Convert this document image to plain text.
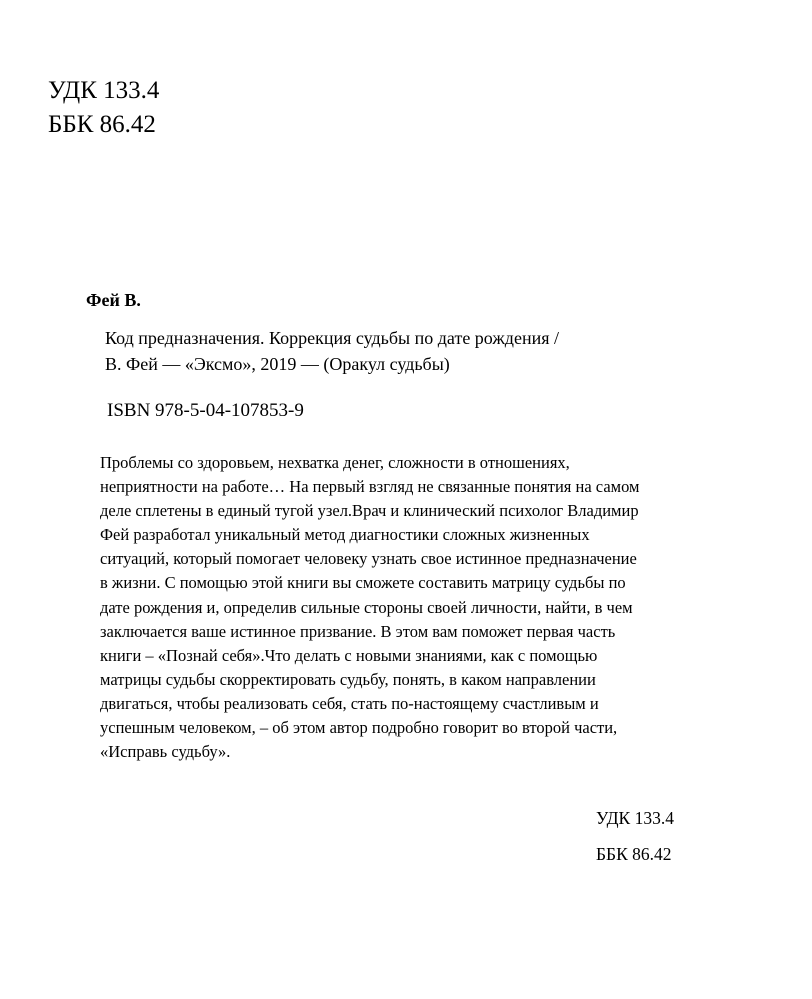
УДК 133.4
ББК 86.42
Фей В.
Код предназначения. Коррекция судьбы по дате рождения /
В. Фей — «Эксмо», 2019 — (Оракул судьбы)
ISBN 978-5-04-107853-9
Проблемы со здоровьем, нехватка денег, сложности в отношениях,
неприятности на работе… На первый взгляд не связанные понятия на самом
деле сплетены в единый тугой узел.Врач и клинический психолог Владимир
Фей разработал уникальный метод диагностики сложных жизненных
ситуаций, который помогает человеку узнать свое истинное предназначение
в жизни. С помощью этой книги вы сможете составить матрицу судьбы по
дате рождения и, определив сильные стороны своей личности, найти, в чем
заключается ваше истинное призвание. В этом вам поможет первая часть
книги – «Познай себя».Что делать с новыми знаниями, как с помощью
матрицы судьбы скорректировать судьбу, понять, в каком направлении
двигаться, чтобы реализовать себя, стать по-настоящему счастливым и
успешным человеком, – об этом автор подробно говорит во второй части,
«Исправь судьбу».
УДК 133.4
ББК 86.42
